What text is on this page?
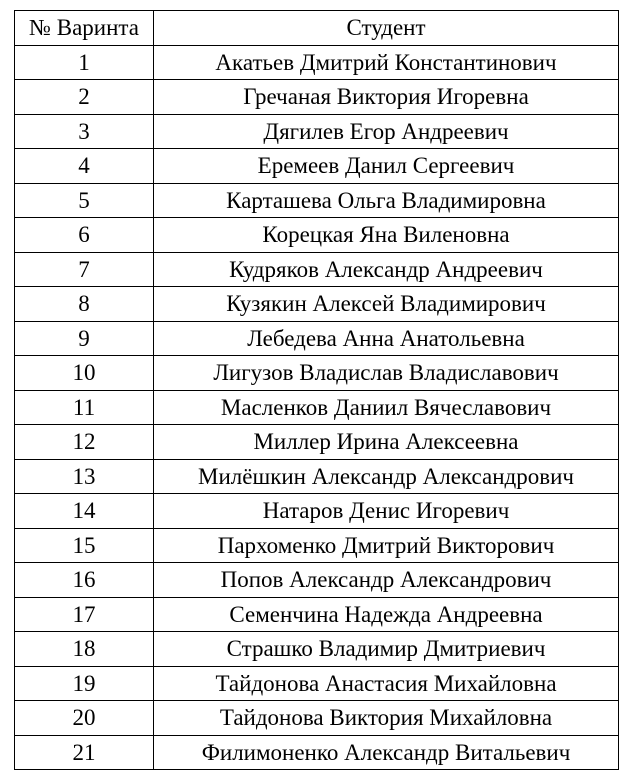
№ Варинта	Студент
1	Акатьев Дмитрий Константинович
2	Гречаная Виктория Игоревна
3	Дягилев Егор Андреевич
4	Еремеев Данил Сергеевич
5	Карташева Ольга Владимировна
6	Корецкая Яна Виленовна
7	Кудряков Александр Андреевич
8	Кузякин Алексей Владимирович
9	Лебедева Анна Анатольевна
10	Лигузов Владислав Владиславович
11	Масленков Даниил Вячеславович
12	Миллер Ирина Алексеевна
13	Милёшкин Александр Александрович
14	Натаров Денис Игоревич
15	Пархоменко Дмитрий Викторович
16	Попов Александр Александрович
17	Семенчина Надежда Андреевна
18	Страшко Владимир Дмитриевич
19	Тайдонова Анастасия Михайловна
20	Тайдонова Виктория Михайловна
21	Филимоненко Александр Витальевич
